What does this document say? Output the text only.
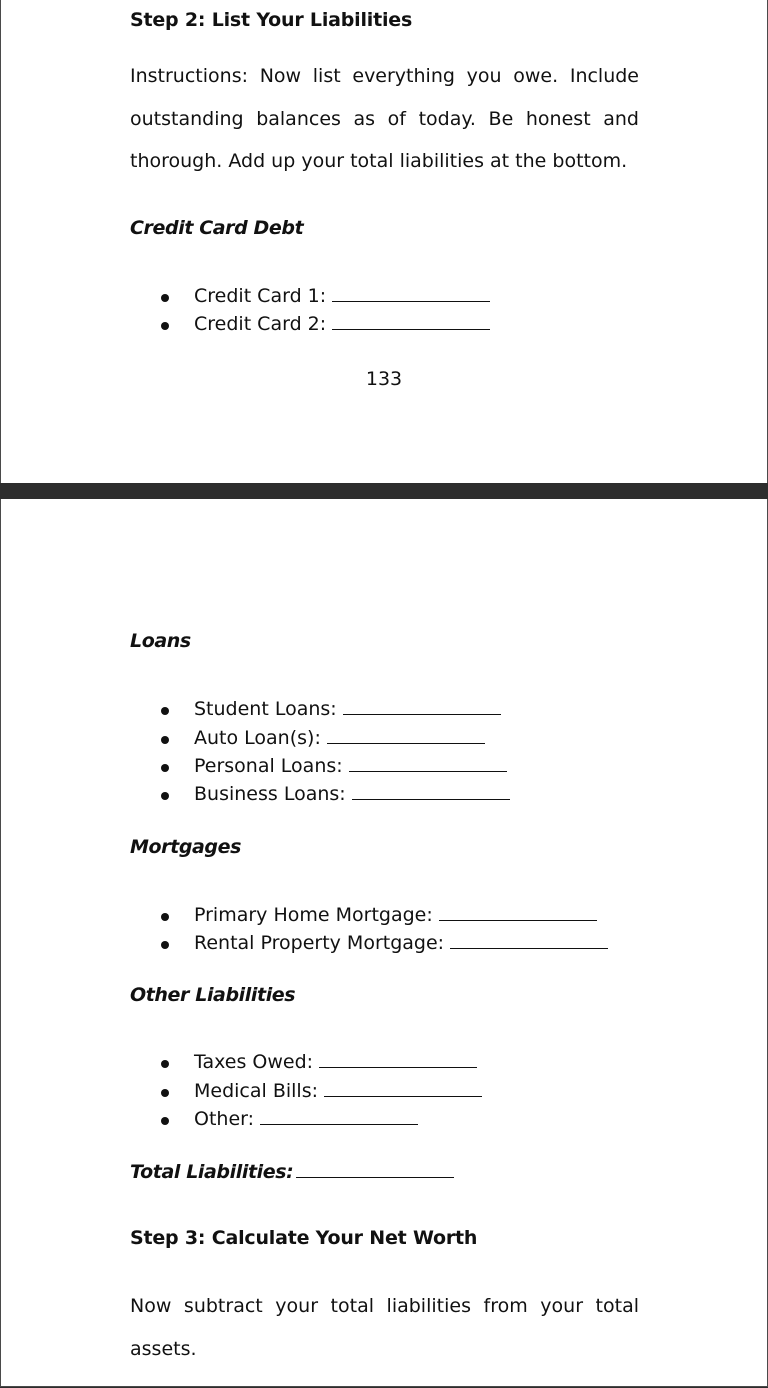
Step 2: List Your Liabilities

Instructions: Now list everything you owe. Include

outstanding balances as of today. Be honest and

thorough. Add up your total liabilities at the bottom.

Credit Card Debt
Credit Card 1:
Credit Card 2:

133

Loans
Student Loans:
Auto Loan(s):
Personal Loans:
Business Loans:
Mortgages
Primary Home Mortgage:
Rental Property Mortgage:
Other Liabilities
Taxes Owed:
Medical Bills:
Other:
Total Liabilities:
Step 3: Calculate Your Net Worth

Now subtract your total liabilities from your total

assets.
